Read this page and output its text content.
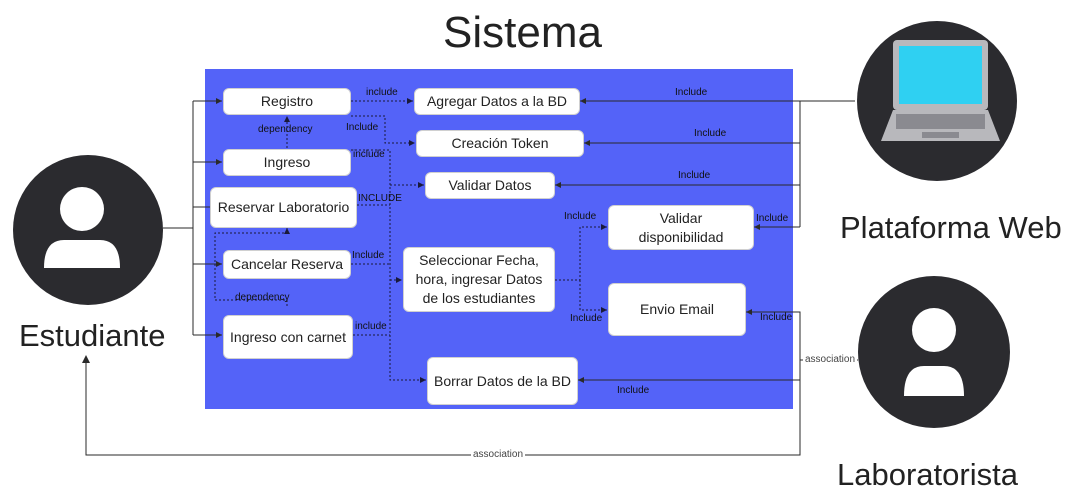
Sistema
Estudiante
Plataforma Web
Laboratorista
Registro
Ingreso
Reservar Laboratorio
Cancelar Reserva
Ingreso con carnet
Agregar Datos a la BD
Creación Token
Validar Datos
Seleccionar Fecha, hora, ingresar Datos de los estudiantes
Validar disponibilidad
Envio Email
Borrar Datos de la BD
include
Include
include
dependency
INCLUDE
Include
dependency
include
Include
Include
Include
Include
Include
Include
Include
Include
association
association
